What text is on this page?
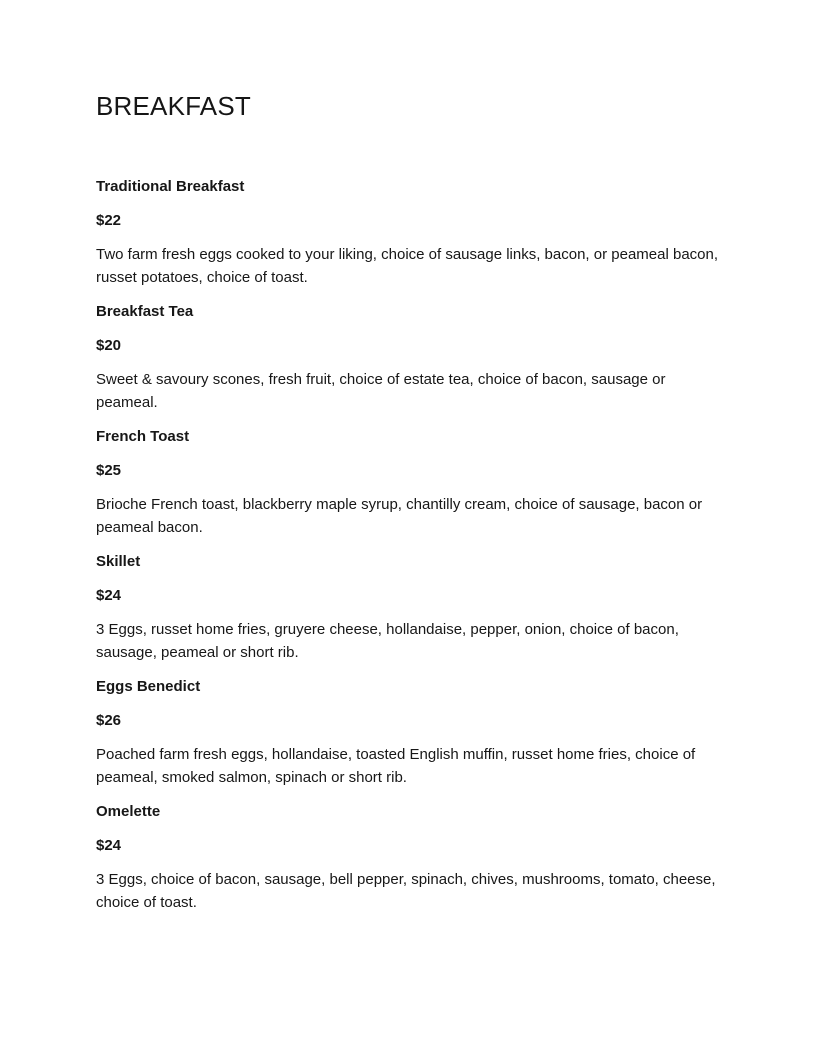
BREAKFAST

Traditional Breakfast

$22

Two farm fresh eggs cooked to your liking, choice of sausage links, bacon, or peameal bacon, russet potatoes, choice of toast.

Breakfast Tea

$20

Sweet & savoury scones, fresh fruit, choice of estate tea, choice of bacon, sausage or peameal.

French Toast

$25

Brioche French toast, blackberry maple syrup, chantilly cream, choice of sausage, bacon or peameal bacon.

Skillet

$24

3 Eggs, russet home fries, gruyere cheese, hollandaise, pepper, onion, choice of bacon, sausage, peameal or short rib.

Eggs Benedict

$26

Poached farm fresh eggs, hollandaise, toasted English muffin, russet home fries, choice of peameal, smoked salmon, spinach or short rib.

Omelette

$24

3 Eggs, choice of bacon, sausage, bell pepper, spinach, chives, mushrooms, tomato, cheese, choice of toast.
